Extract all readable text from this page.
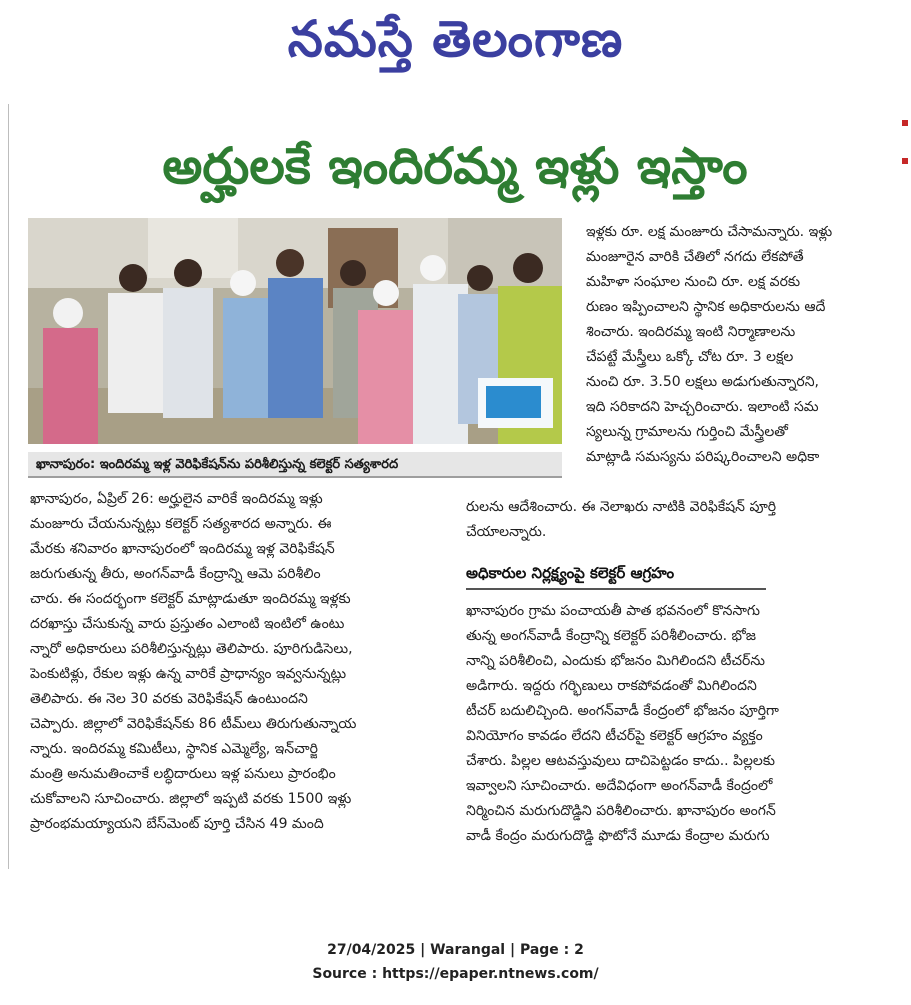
నమస్తే తెలంగాణ
అర్హులకే ఇందిరమ్మ ఇళ్లు ఇస్తాం
ఖానాపురం: ఇందిరమ్మ ఇళ్ల వెరిఫికేషన్‌ను పరిశీలిస్తున్న కలెక్టర్ సత్యశారద
ఖానాపురం, ఏప్రిల్ 26: అర్హులైన వారికే ఇందిరమ్మ ఇళ్లు
మంజూరు చేయనున్నట్లు కలెక్టర్ సత్యశారద అన్నారు. ఈ
మేరకు శనివారం ఖానాపురంలో ఇందిరమ్మ ఇళ్ల వెరిఫికేషన్
జరుగుతున్న తీరు, అంగన్‌వాడీ కేంద్రాన్ని ఆమె పరిశీలిం
చారు. ఈ సందర్భంగా కలెక్టర్ మాట్లాడుతూ ఇందిరమ్మ ఇళ్లకు
దరఖాస్తు చేసుకున్న వారు ప్రస్తుతం ఎలాంటి ఇంటిలో ఉంటు
న్నారో అధికారులు పరిశీలిస్తున్నట్లు తెలిపారు. పూరిగుడిసెలు,
పెంకుటిళ్లు, రేకుల ఇళ్లు ఉన్న వారికే ప్రాధాన్యం ఇవ్వనున్నట్లు
తెలిపారు. ఈ నెల 30 వరకు వెరిఫికేషన్ ఉంటుందని
చెప్పారు. జిల్లాలో వెరిఫికేషన్‌కు 86 టీమ్‌లు తిరుగుతున్నాయ
న్నారు. ఇందిరమ్మ కమిటీలు, స్థానిక ఎమ్మెల్యే, ఇన్‌చార్జి
మంత్రి అనుమతించాకే లబ్ధిదారులు ఇళ్ల పనులు ప్రారంభిం
చుకోవాలని సూచించారు. జిల్లాలో ఇప్పటి వరకు 1500 ఇళ్లు
ప్రారంభమయ్యాయని బేస్‌మెంట్ పూర్తి చేసిన 49 మంది
ఇళ్లకు రూ. లక్ష మంజూరు చేసామన్నారు. ఇళ్లు
మంజూరైన వారికి చేతిలో నగదు లేకపోతే
మహిళా సంఘాల నుంచి రూ. లక్ష వరకు
రుణం ఇప్పించాలని స్థానిక అధికారులను ఆదే
శించారు. ఇందిరమ్మ ఇంటి నిర్మాణాలను
చేపట్టే మేస్త్రీలు ఒక్కో చోట రూ. 3 లక్షల
నుంచి రూ. 3.50 లక్షలు అడుగుతున్నారని,
ఇది సరికాదని హెచ్చరించారు. ఇలాంటి సమ
స్యలున్న గ్రామాలను గుర్తించి మేస్త్రీలతో
మాట్లాడి సమస్యను పరిష్కరించాలని అధికా
రులను ఆదేశించారు. ఈ నెలాఖరు నాటికి వెరిఫికేషన్ పూర్తి
చేయాలన్నారు.
అధికారుల నిర్లక్ష్యంపై కలెక్టర్ ఆగ్రహం
ఖానాపురం గ్రామ పంచాయతీ పాత భవనంలో కొనసాగు
తున్న అంగన్‌వాడీ కేంద్రాన్ని కలెక్టర్ పరిశీలించారు. భోజ
నాన్ని పరిశీలించి, ఎందుకు భోజనం మిగిలిందని టీచర్‌ను
అడిగారు. ఇద్దరు గర్భిణులు రాకపోవడంతో మిగిలిందని
టీచర్ బదులిచ్చింది. అంగన్‌వాడీ కేంద్రంలో భోజనం పూర్తిగా
వినియోగం కావడం లేదని టీచర్‌పై కలెక్టర్ ఆగ్రహం వ్యక్తం
చేశారు. పిల్లల ఆటవస్తువులు దాచిపెట్టడం కాదు.. పిల్లలకు
ఇవ్వాలని సూచించారు. అదేవిధంగా అంగన్‌వాడీ కేంద్రంలో
నిర్మించిన మరుగుదొడ్డిని పరిశీలించారు. ఖానాపురం అంగన్
వాడీ కేంద్రం మరుగుదొడ్డి ఫొటోనే మూడు కేంద్రాల మరుగు
27/04/2025 | Warangal | Page : 2
Source : https://epaper.ntnews.com/
